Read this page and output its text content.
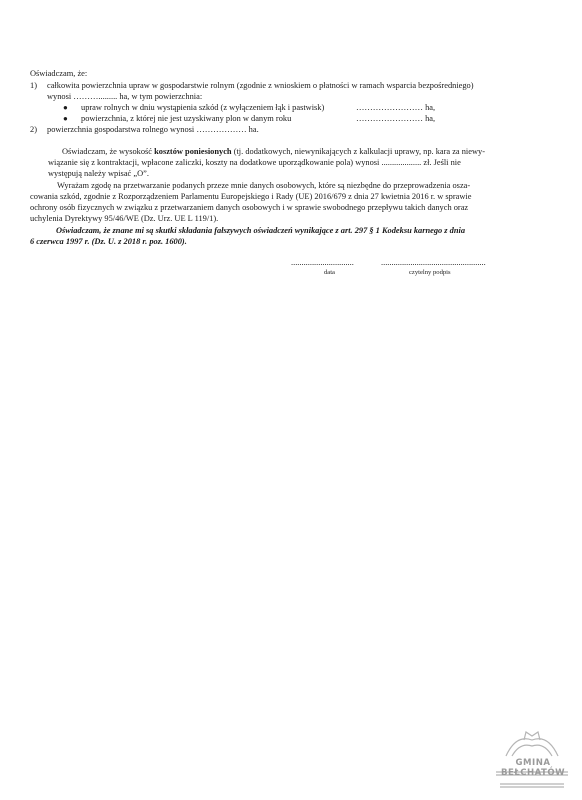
Oświadczam, że:
1) całkowita powierzchnia upraw w gospodarstwie rolnym (zgodnie z wnioskiem o płatności w ramach wsparcia bezpośredniego)
wynosi ………......... ha, w tym powierzchnia:
● upraw rolnych w dniu wystąpienia szkód (z wyłączeniem łąk i pastwisk)	…………………… ha,
● powierzchnia, z której nie jest uzyskiwany plon w danym roku	…………………… ha,
2) powierzchnia gospodarstwa rolnego wynosi ……………… ha.
Oświadczam, że wysokość kosztów poniesionych (tj. dodatkowych, niewynikających z kalkulacji uprawy, np. kara za niewy-
wiązanie się z kontraktacji, wpłacone zaliczki, koszty na dodatkowe uporządkowanie pola) wynosi ................... zł. Jeśli nie
występują należy wpisać „O”.
Wyrażam zgodę na przetwarzanie podanych przeze mnie danych osobowych, które są niezbędne do przeprowadzenia osza-
cowania szkód, zgodnie z Rozporządzeniem Parlamentu Europejskiego i Rady (UE) 2016/679 z dnia 27 kwietnia 2016 r. w sprawie
ochrony osób fizycznych w związku z przetwarzaniem danych osobowych i w sprawie swobodnego przepływu takich danych oraz
uchylenia Dyrektywy 95/46/WE (Dz. Urz. UE L 119/1).
Oświadczam, że znane mi są skutki składania fałszywych oświadczeń wynikające z art. 297 § 1 Kodeksu karnego z dnia
6 czerwca 1997 r. (Dz. U. z 2018 r. poz. 1600).
..............................
data
..................................................
czytelny podpis
GMINA BEŁCHATÓW
